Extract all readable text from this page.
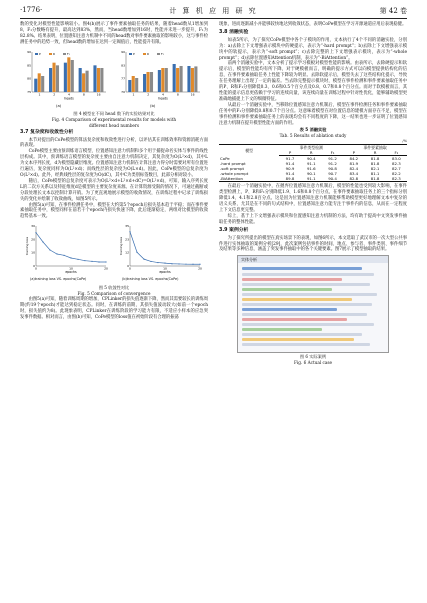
·1776·	计 算 机 应 用 研 究	第 42 卷

数的变化对模型性能影响较小。图4(b)展示了事件要素抽取任务的结果，随着head数从1增加到8，F₁分数略有提升，最高达到83%，然而，当head数增加到16时，性能并未进一步提升，F₁为82.8%。结果表明，位置感知注意力机制中不同的head数对事件要素抽取的影响较小，这与事件检测任务中的趋势一致，但head数的增加在达到一定阈值后，性能提升有限。

75
80
85
90
1	2	4	8	16
heads
P	R	F₁
70
77
83
90
1	2	4	8	16
heads
P	R	F₁
(a)	(b)
图 4 模型在不同 head 数下的实验结果对比
Fig. 4 Comparison of experimental results for models with
different head numbers
3.7 复杂度和收敛性分析

本节对提出的CoPe模型的算法复杂度和收敛性进行分析，以评估其在训练效率和资源消耗方面的表现。

CoPe模型主要由预训练语言模型、位置感知注意力机制和多个用于捕捉命名实体与事件的线性层构成。其中，预训练语言模型的复杂度主要由自注意力机制决定，其复杂度为O(L²×d)，其中L为文本序列长度，d为模型隐藏层维度。位置感知注意力机制在计算注意力得分时需要对所有位置进行遍历，复杂度同样为O(L²×d)；而线性层的复杂度为O(L×d)。因此，CoPe模型的总复杂度为O(L²×d)。此外，经典线性层的复杂度为O(dC)，其中C为类别标签数目，此部分相对较小。

随后，CoPe模型的总复杂度可表示为O(L²×d+L²×d+dC)=O(L²×d)，可知，输入序列长度L的二次方关系以及特征维度d是模型的主要复杂度来源。在计算资源受限的情况下，可通过截断或分段处理长文本以控制计算开销。为了更直观地展示模型的收敛情况，在训练过程中记录了训练损失的变化并绘制了收敛曲线，如图5所示。

由图5(a)可知，在事件检测任务中，模型在大约第5个epoch后损失基本趋于平稳；而在事件要素抽取任务中，模型同样在前若干个epoch内损失快速下降，此后逐渐稳定，两组对比模型的收敛趋势基本一致。

0
10
20
30
0	10	20
epochs
training loss
0
12
23
35
0	10	20
epochs
training loss
(a)training loss VS. epochs(CoPe)	(b)training loss VS. epochs(CoPe)
图 5 收敛性对比
Fig. 5 Comparison of convergence

由图5(a)可知，随着训练周期的增加，CPLinker的损失值逐渐下降，然而其需要较长的训练周期(约19个epoch)才能达到稳定状态。同时，在训练的前期，其损失值波动较大(如前一个epoch时，损失值约为8)。此现象表明，CPLinker在训练阶段的学习能力有限，不适应小样本的应急突发事件数据。相对而言，由图(b)可知，CoPe模型的loss值在初始阶段有合理的振荡

现象，进而逐渐减小并能够较快地达到收敛状态，表明CoPe模型在学习开源通道应用后表现稳健。

3.8 消融实验

如表5所示，为了探究CoPe模型中各个子模块的作用，文本执行了4个不同的消融实验，分别为：a)去除上下文增强表示模块中的硬提示，表示为“-hard prompt”；b)去除上下文增强表示模块中的软提示，表示为“-soft prompt”；c)去除完整的上下文增强表示模块，表示为“-whole prompt”；d)去除位置感知Attention机制，表示为“-BiAttention”。

前两个消融实验中，文本分析了提示学习模板对模型性能的影响。由表所示，去除硬提示和软提示后，模型的性能均有所下降，对于硬模板而言，明确的提示方式可以向模型提供结构化的信息，在事件要素抽取任务上性能下降较为明显。去除软提示后，模型失去了这些结构化提示，导致在任务理解上出现了一定的偏差。当去除完整提示模块时，模型在事件检测和事件要素抽取任务中的P、R和F₁分别降低0.3、0.6和0.5个百分点及0.8、0.7和0.8个百分点。而对于软模板而言，其性能的提示信息更依赖于学习的连续向量，该连续向量在训练过程中针对性优化，能够辅助模型更准确地捕捉上下文的细微特征。

从最后一个消融实验中，当移除位置感知注意力机制后，模型在事件检测任务和事件要素抽取任务中的F₁分别降低0.8和0.7个百分点。这意味着模型在对位置信息的建模方面存在不足，模型在事件检测和事件要素抽取任务上的表现均会有不同程度的下降，这一结果也进一步证明了位置感知注意力机制在提升模型性能方面的作用。

表 5 消融实验
Tab. 5 Results of ablation study
/%
模型	事件类型检测			事件要素抽取		
	P	R	F₁	P	R	F₁
CoPe	91.7	90.4	91.2	84.2	81.8	83.0
-hard prompt	91.4	91.1	91.2	81.9	81.8	82.3
-soft prompt	90.9	91.6	90.8	82.4	82.1	82.7
-whole prompt	91.4	90.1	90.7	83.4	81.1	82.2
-BiAttention	89.8	91.1	90.4	82.8	81.8	82.3

在最后一个消融实验中，在拋弃位置感知注意力机制后，模型的性能也受到较大影响，在事件类型检测上，P、R和F₁分别降低1.9、1.6和0.8个百分点，在事件要素抽取任务上的三个指标分别降低1.4、4.1和2.8百分点。这是因为位置感知注意力机制能够帮助模型更好地理解文本中复杂的语义关系，尤其是在不同的句式结构中，位置感知注意力能专注于事件内的信息，从而在一定程度上下文信息更完整。

综上，基于上下文增强表示模块和位置感知注意力机制的方法，均有助于提高中文突发事件抽取任务的整体性能。

3.9 案例分析

为了探究所提出的模型在真实场景下的表现，如图6所示，本文选取了武汉市的一次大型公共事件进行实体抽取的案例分析[29]，此次案例包括事件的时间、地点、参与者、事件类别、事件细节及结果等多种信息，涵盖了突发事件抽取中的各个关键要素。图7展示了模型抽取的结果。

实体分析
图 6 实际案例
Fig. 6 Actual case
